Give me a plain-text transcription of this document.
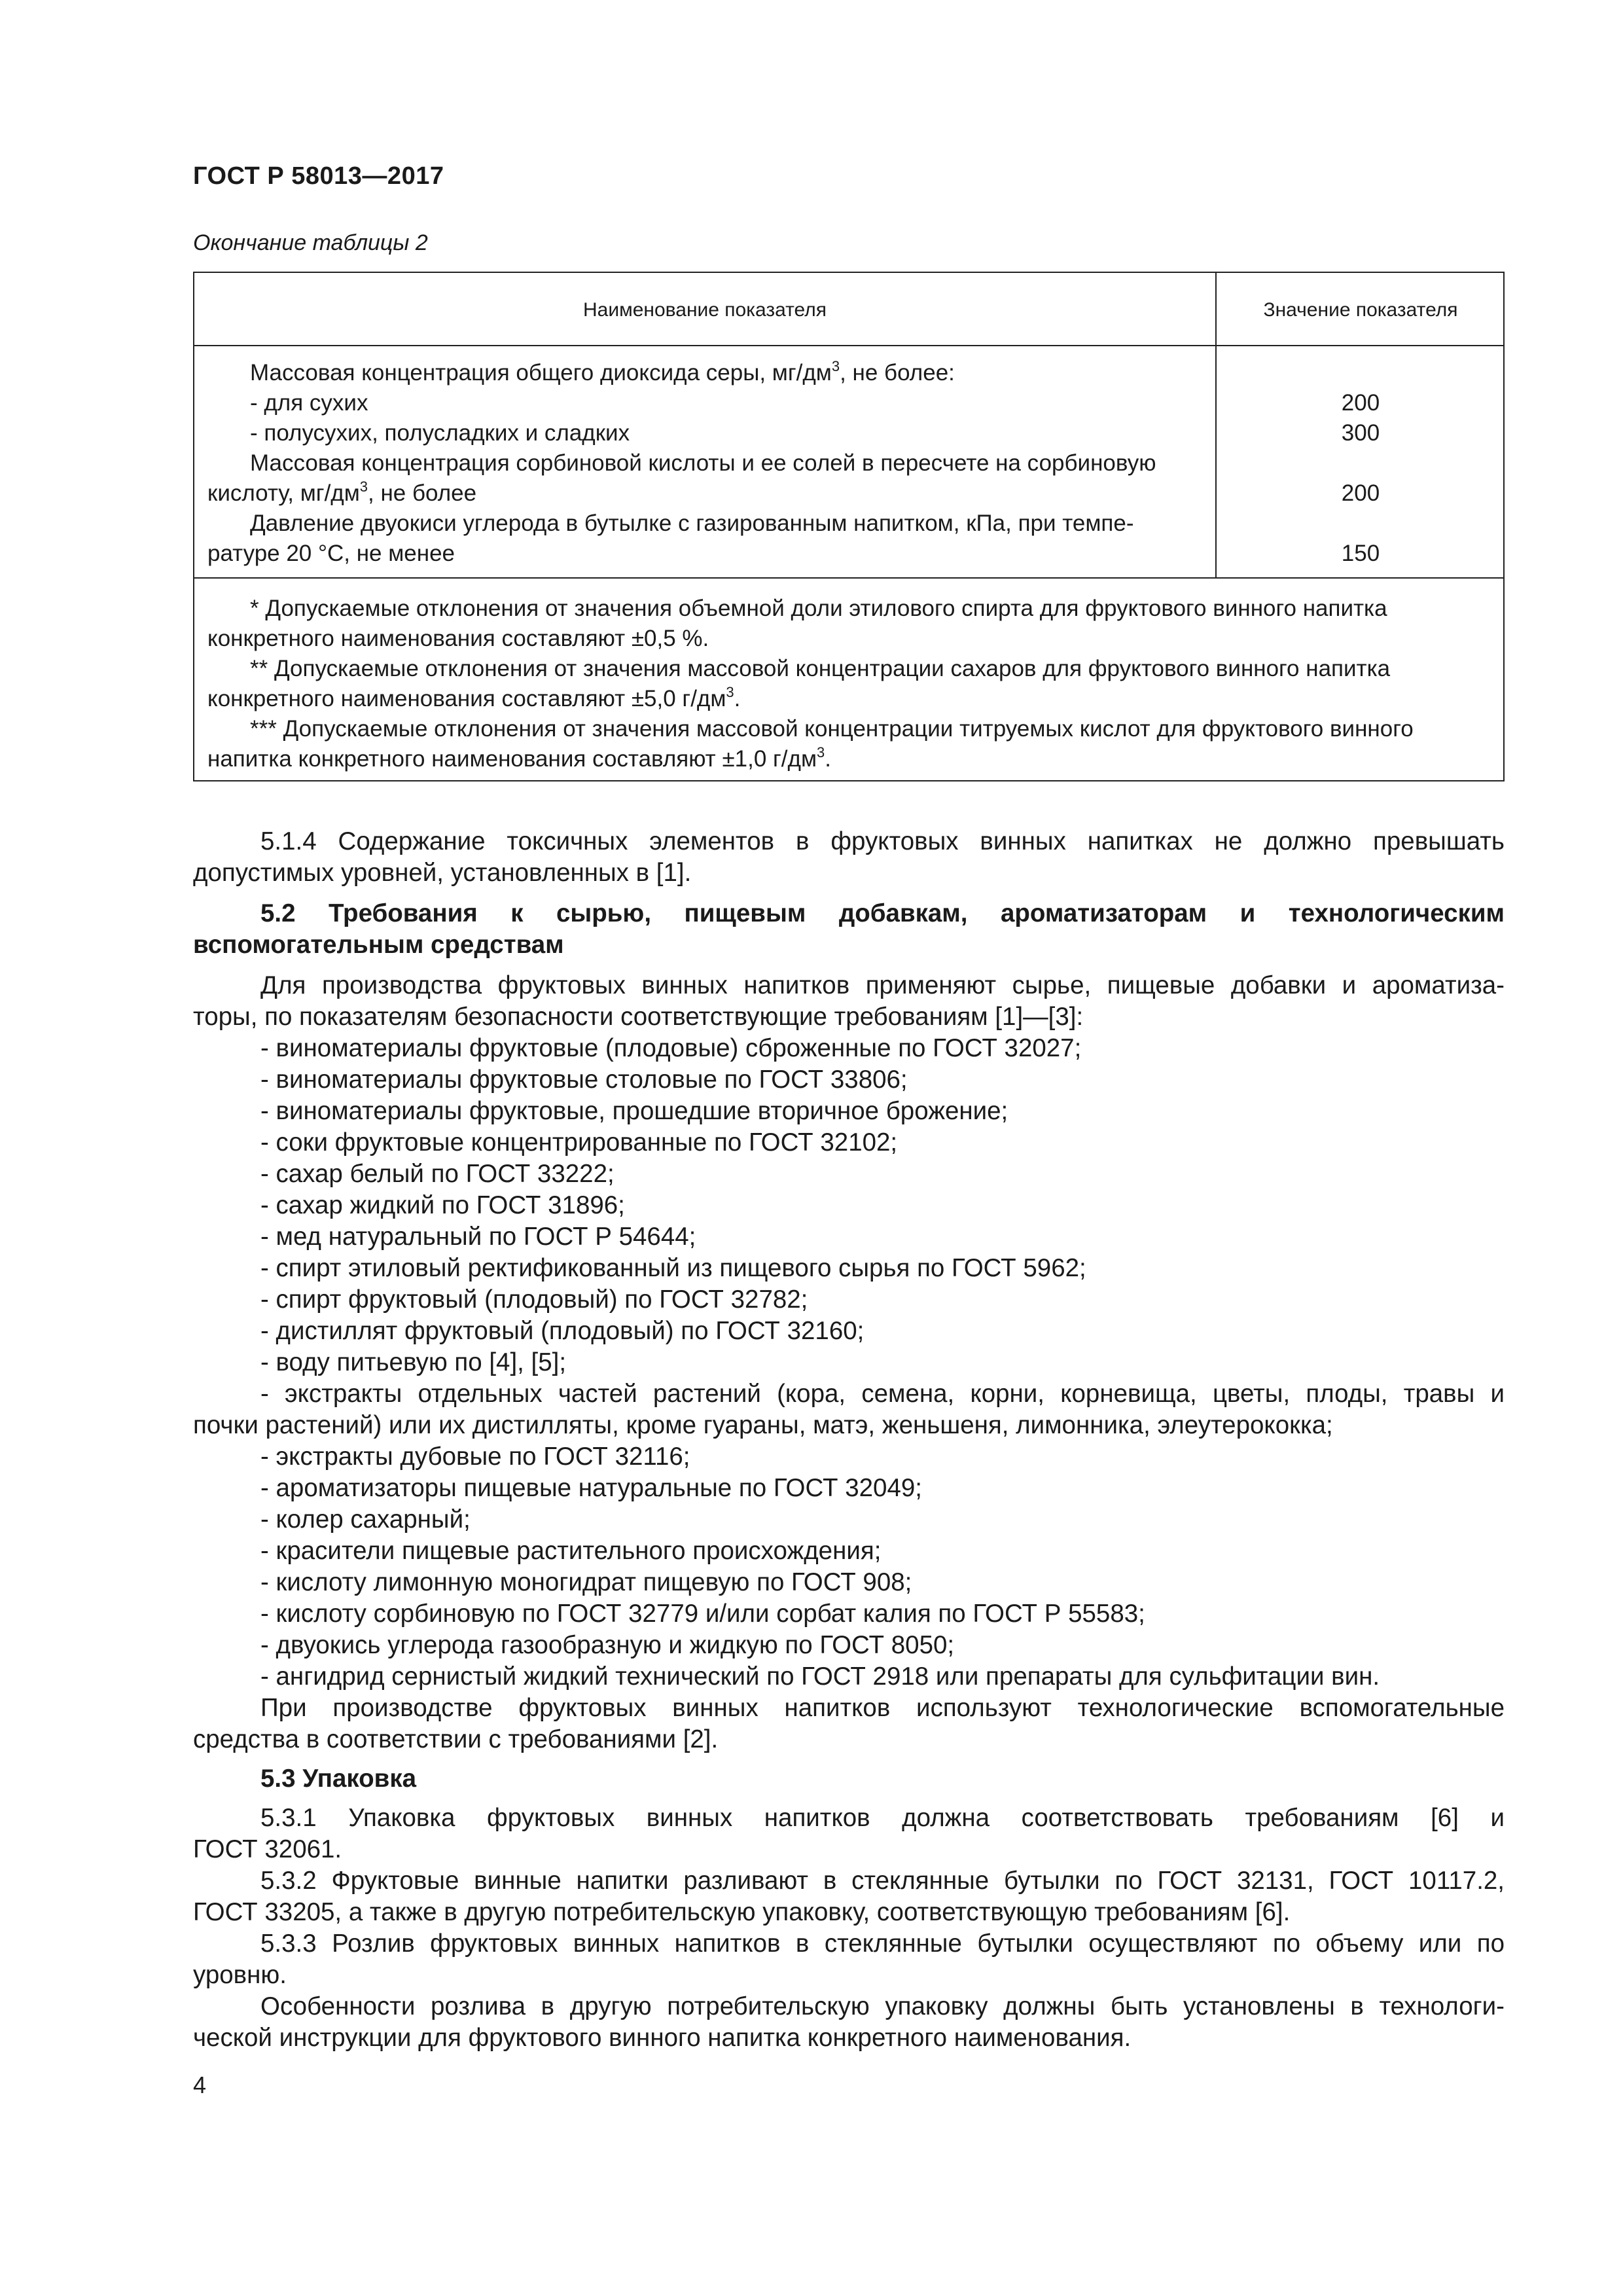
ГОСТ Р 58013—2017
Окончание таблицы 2
Наименование показателя	Значение показателя
Массовая концентрация общего диоксида серы, $мг/дм^3$, не более:
- для сухих	200
- полусухих, полусладких и сладких	300
Массовая концентрация сорбиновой кислоты и ее солей в пересчете на сорбиновую
кислоту, $мг/дм^3$, не более	200
Давление двуокиси углерода в бутылке с газированным напитком, кПа, при темпе-
ратуре 20 °С, не менее	150
* Допускаемые отклонения от значения объемной доли этилового спирта для фруктового винного напитка
конкретного наименования составляют ±0,5 %.
** Допускаемые отклонения от значения массовой концентрации сахаров для фруктового винного напитка
конкретного наименования составляют ±5,0 $г/дм^3$.
*** Допускаемые отклонения от значения массовой концентрации титруемых кислот для фруктового винного
напитка конкретного наименования составляют ±1,0 $г/дм^3$.
5.1.4 Содержание токсичных элементов в фруктовых винных напитках не должно превышать
допустимых уровней, установленных в [1].
5.2 Требования к сырью, пищевым добавкам, ароматизаторам и технологическим
вспомогательным средствам
Для производства фруктовых винных напитков применяют сырье, пищевые добавки и ароматиза-
торы, по показателям безопасности соответствующие требованиям [1]—[3]:
- виноматериалы фруктовые (плодовые) сброженные по ГОСТ 32027;
- виноматериалы фруктовые столовые по ГОСТ 33806;
- виноматериалы фруктовые, прошедшие вторичное брожение;
- соки фруктовые концентрированные по ГОСТ 32102;
- сахар белый по ГОСТ 33222;
- сахар жидкий по ГОСТ 31896;
- мед натуральный по ГОСТ Р 54644;
- спирт этиловый ректификованный из пищевого сырья по ГОСТ 5962;
- спирт фруктовый (плодовый) по ГОСТ 32782;
- дистиллят фруктовый (плодовый) по ГОСТ 32160;
- воду питьевую по [4], [5];
- экстракты отдельных частей растений (кора, семена, корни, корневища, цветы, плоды, травы и
почки растений) или их дистилляты, кроме гуараны, матэ, женьшеня, лимонника, элеутерококка;
- экстракты дубовые по ГОСТ 32116;
- ароматизаторы пищевые натуральные по ГОСТ 32049;
- колер сахарный;
- красители пищевые растительного происхождения;
- кислоту лимонную моногидрат пищевую по ГОСТ 908;
- кислоту сорбиновую по ГОСТ 32779 и/или сорбат калия по ГОСТ Р 55583;
- двуокись углерода газообразную и жидкую по ГОСТ 8050;
- ангидрид сернистый жидкий технический по ГОСТ 2918 или препараты для сульфитации вин.
При производстве фруктовых винных напитков используют технологические вспомогательные
средства в соответствии с требованиями [2].
5.3 Упаковка
5.3.1 Упаковка фруктовых винных напитков должна соответствовать требованиям [6] и
ГОСТ 32061.
5.3.2 Фруктовые винные напитки разливают в стеклянные бутылки по ГОСТ 32131, ГОСТ 10117.2,
ГОСТ 33205, а также в другую потребительскую упаковку, соответствующую требованиям [6].
5.3.3 Розлив фруктовых винных напитков в стеклянные бутылки осуществляют по объему или по
уровню.
Особенности розлива в другую потребительскую упаковку должны быть установлены в технологи-
ческой инструкции для фруктового винного напитка конкретного наименования.
4
